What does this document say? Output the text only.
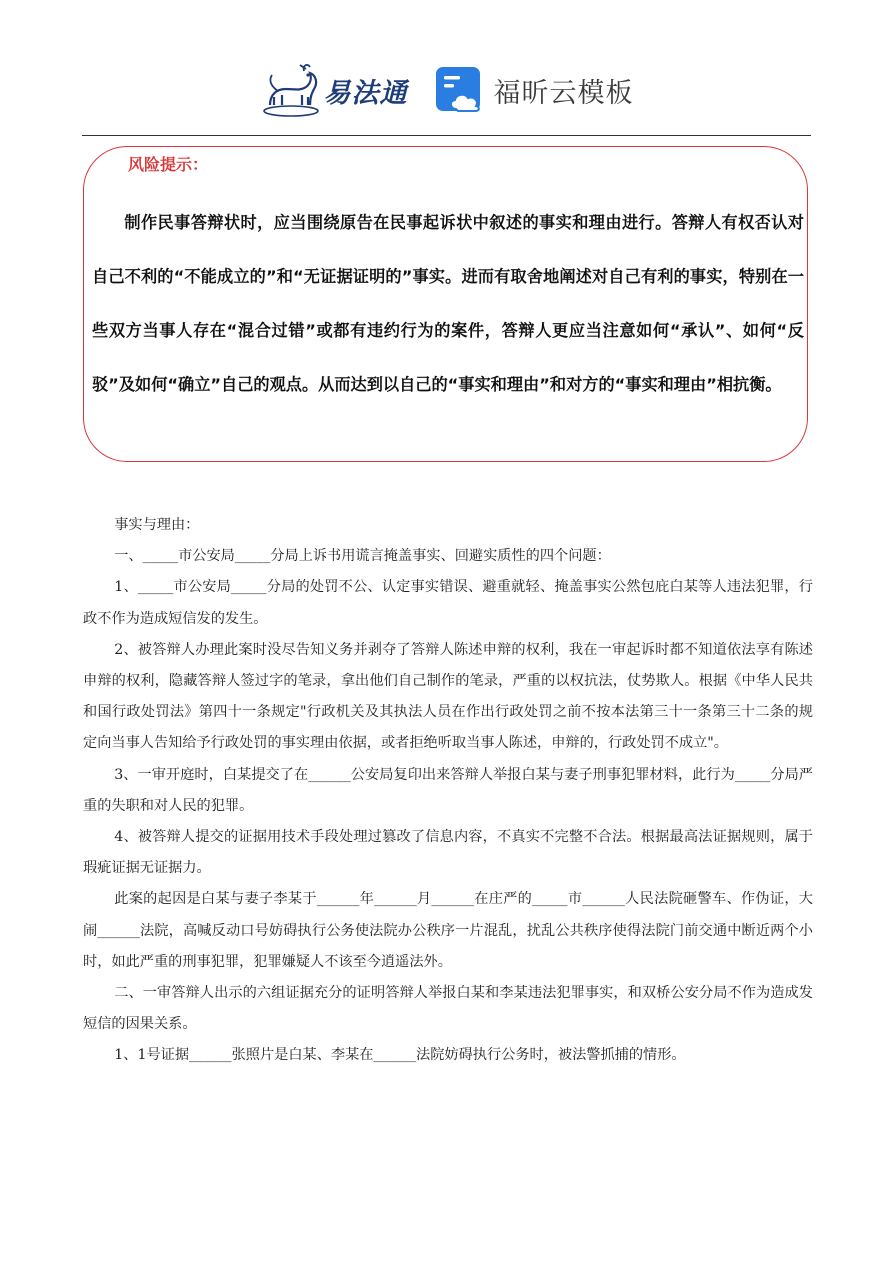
易法通	福昕云模板
风险提示：

制作民事答辩状时，应当围绕原告在民事起诉状中叙述的事实和理由进行。答辩人有权否认对自己不利的“不能成立的”和“无证据证明的”事实。进而有取舍地阐述对自己有利的事实，特别在一些双方当事人存在“混合过错”或都有违约行为的案件，答辩人更应当注意如何“承认”、如何“反驳”及如何“确立”自己的观点。从而达到以自己的“事实和理由”和对方的“事实和理由”相抗衡。

事实与理由：

一、_____市公安局_____分局上诉书用谎言掩盖事实、回避实质性的四个问题：

1、_____市公安局_____分局的处罚不公、认定事实错误、避重就轻、掩盖事实公然包庇白某等人违法犯罪，行政不作为造成短信发的发生。

2、被答辩人办理此案时没尽告知义务并剥夺了答辩人陈述申辩的权利，我在一审起诉时都不知道依法享有陈述申辩的权利，隐藏答辩人签过字的笔录，拿出他们自己制作的笔录，严重的以权抗法，仗势欺人。根据《中华人民共和国行政处罚法》第四十一条规定"行政机关及其执法人员在作出行政处罚之前不按本法第三十一条第三十二条的规定向当事人告知给予行政处罚的事实理由依据，或者拒绝听取当事人陈述，申辩的，行政处罚不成立"。

3、一审开庭时，白某提交了在______公安局复印出来答辩人举报白某与妻子刑事犯罪材料，此行为_____分局严重的失职和对人民的犯罪。

4、被答辩人提交的证据用技术手段处理过篡改了信息内容，不真实不完整不合法。根据最高法证据规则，属于瑕疵证据无证据力。

此案的起因是白某与妻子李某于______年______月______在庄严的_____市______人民法院砸警车、作伪证，大闹______法院，高喊反动口号妨碍执行公务使法院办公秩序一片混乱，扰乱公共秩序使得法院门前交通中断近两个小时，如此严重的刑事犯罪，犯罪嫌疑人不该至今逍遥法外。

二、一审答辩人出示的六组证据充分的证明答辩人举报白某和李某违法犯罪事实，和双桥公安分局不作为造成发短信的因果关系。

1、1号证据______张照片是白某、李某在______法院妨碍执行公务时，被法警抓捕的情形。
